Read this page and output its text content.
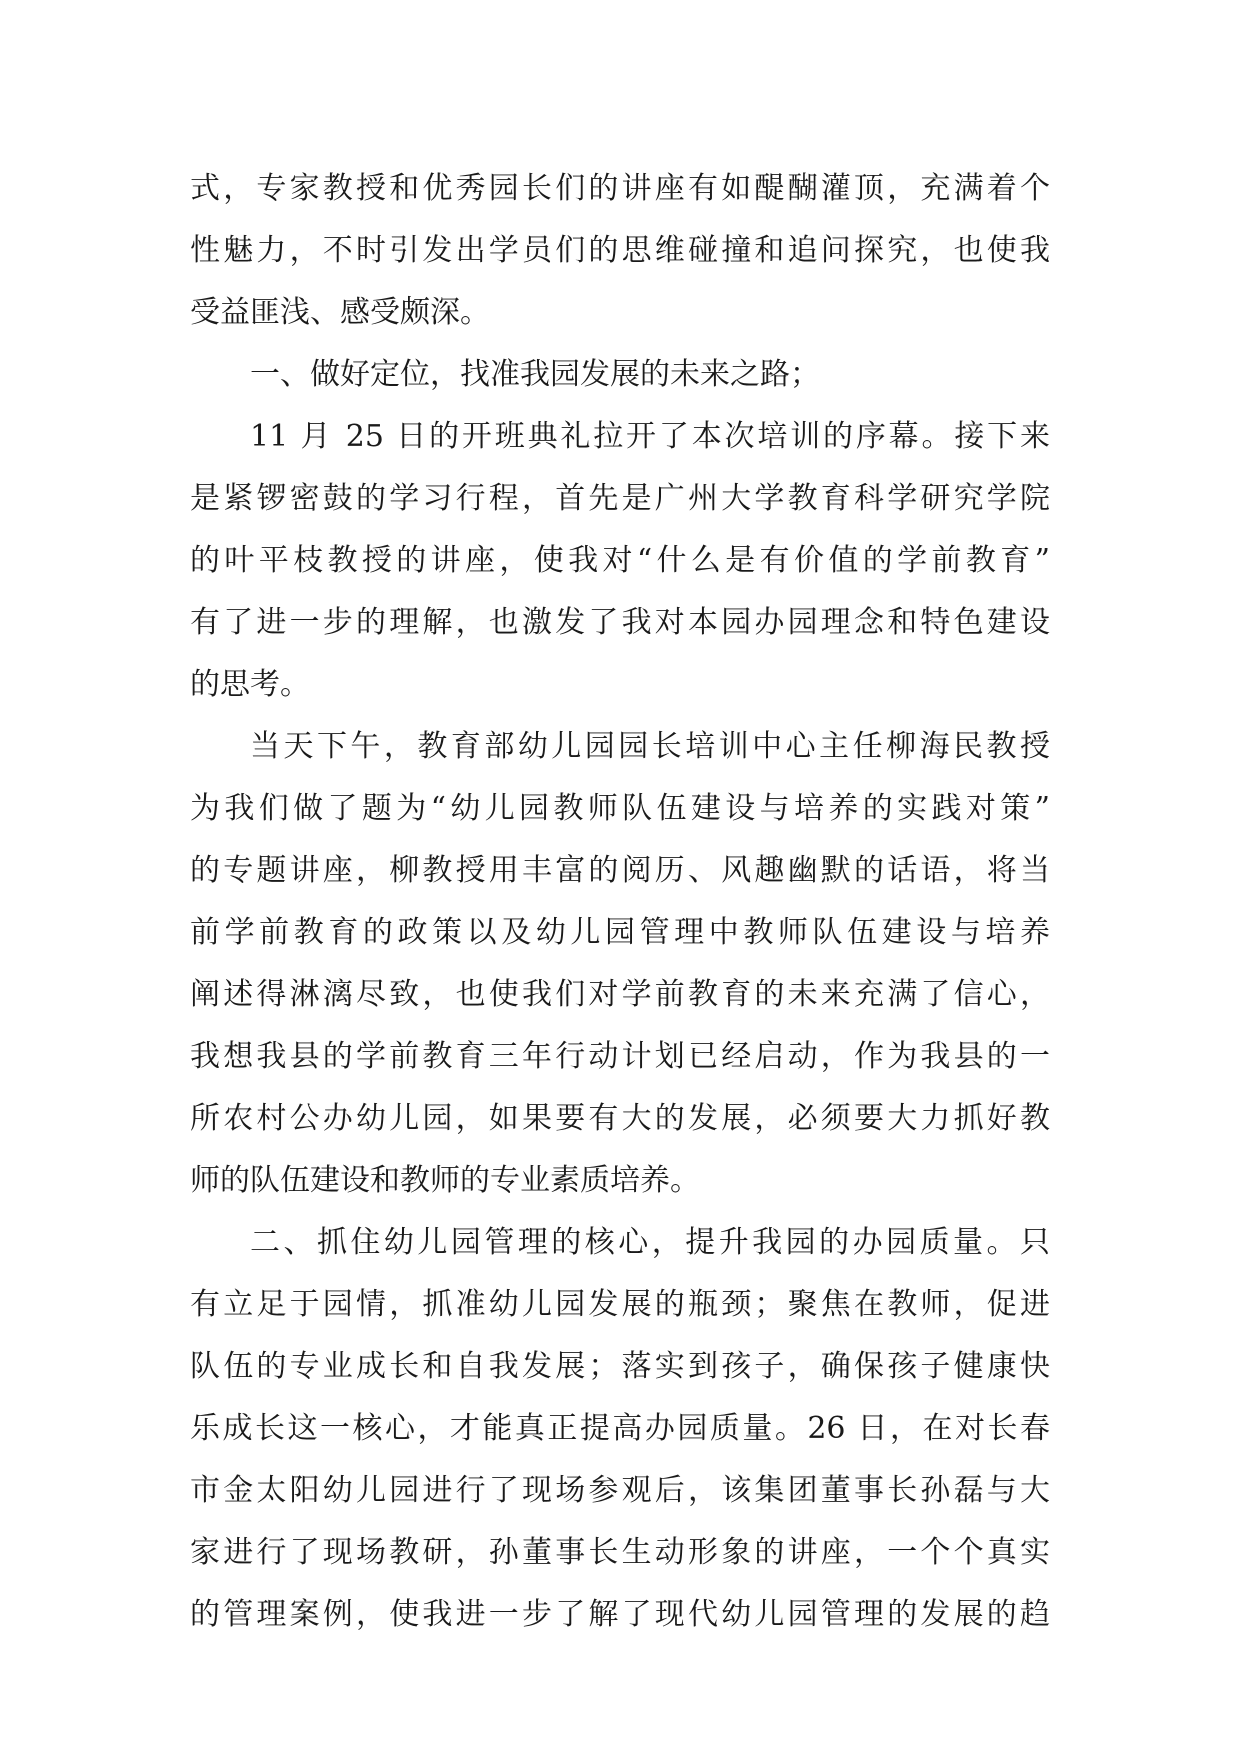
式，专家教授和优秀园长们的讲座有如醍醐灌顶，充满着个
性魅力，不时引发出学员们的思维碰撞和追问探究，也使我
受益匪浅、感受颇深。
一、做好定位，找准我园发展的未来之路；
11 月 25 日的开班典礼拉开了本次培训的序幕。接下来
是紧锣密鼓的学习行程，首先是广州大学教育科学研究学院
的叶平枝教授的讲座，使我对“什么是有价值的学前教育”
有了进一步的理解，也激发了我对本园办园理念和特色建设
的思考。
当天下午，教育部幼儿园园长培训中心主任柳海民教授
为我们做了题为“幼儿园教师队伍建设与培养的实践对策”
的专题讲座，柳教授用丰富的阅历、风趣幽默的话语，将当
前学前教育的政策以及幼儿园管理中教师队伍建设与培养
阐述得淋漓尽致，也使我们对学前教育的未来充满了信心，
我想我县的学前教育三年行动计划已经启动，作为我县的一
所农村公办幼儿园，如果要有大的发展，必须要大力抓好教
师的队伍建设和教师的专业素质培养。
二、抓住幼儿园管理的核心，提升我园的办园质量。只
有立足于园情，抓准幼儿园发展的瓶颈；聚焦在教师，促进
队伍的专业成长和自我发展；落实到孩子，确保孩子健康快
乐成长这一核心，才能真正提高办园质量。26 日，在对长春
市金太阳幼儿园进行了现场参观后，该集团董事长孙磊与大
家进行了现场教研，孙董事长生动形象的讲座，一个个真实
的管理案例，使我进一步了解了现代幼儿园管理的发展的趋
